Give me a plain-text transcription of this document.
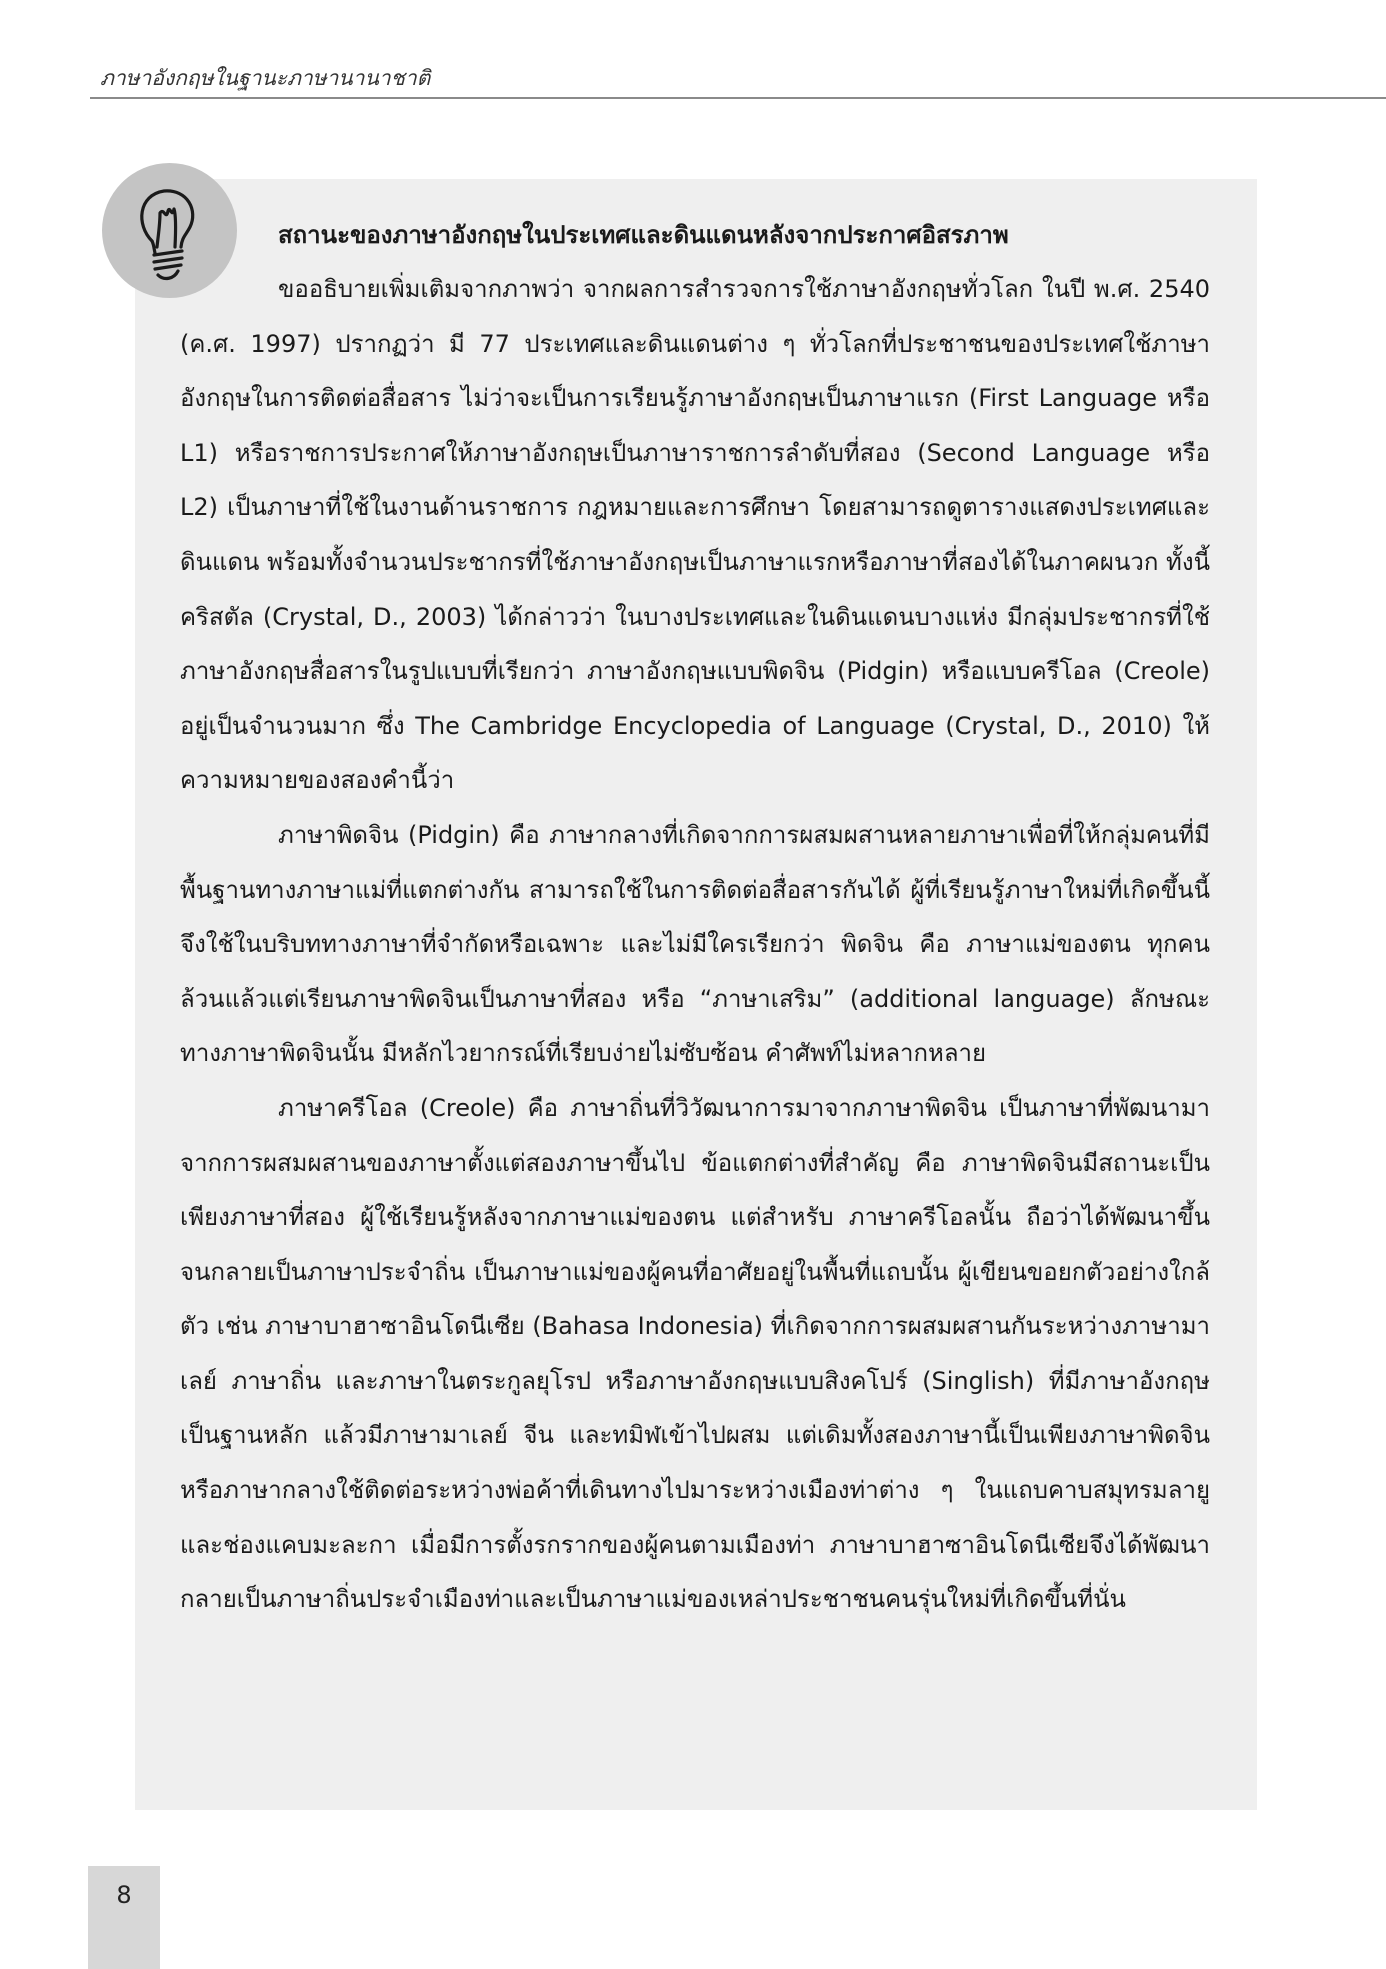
ภาษาอังกฤษในฐานะภาษานานาชาติ
สถานะของภาษาอังกฤษในประเทศและดินแดนหลังจากประกาศอิสรภาพ

ขออธิบายเพิ่มเติมจากภาพว่า จากผลการสำรวจการใช้ภาษาอังกฤษทั่วโลก ในปี พ.ศ. 2540 (ค.ศ. 1997) ปรากฏว่า มี 77 ประเทศและดินแดนต่าง ๆ ทั่วโลกที่ประชาชนของประเทศใช้ภาษาอังกฤษในการติดต่อสื่อสาร ไม่ว่าจะเป็นการเรียนรู้ภาษาอังกฤษเป็นภาษาแรก (First Language หรือ L1) หรือราชการประกาศให้ภาษาอังกฤษเป็นภาษาราชการลำดับที่สอง (Second Language หรือ L2) เป็นภาษาที่ใช้ในงานด้านราชการ กฎหมายและการศึกษา โดยสามารถดูตารางแสดงประเทศและดินแดน พร้อมทั้งจำนวนประชากรที่ใช้ภาษาอังกฤษเป็นภาษาแรกหรือภาษาที่สองได้ในภาคผนวก ทั้งนี้ คริสตัล (Crystal, D., 2003) ได้กล่าวว่า ในบางประเทศและในดินแดนบางแห่ง มีกลุ่มประชากรที่ใช้ภาษาอังกฤษสื่อสารในรูปแบบที่เรียกว่า ภาษาอังกฤษแบบพิดจิน (Pidgin) หรือแบบครีโอล (Creole) อยู่เป็นจำนวนมาก ซึ่ง The Cambridge Encyclopedia of Language (Crystal, D., 2010) ให้ความหมายของสองคำนี้ว่า

ภาษาพิดจิน (Pidgin) คือ ภาษากลางที่เกิดจากการผสมผสานหลายภาษาเพื่อที่ให้กลุ่มคนที่มีพื้นฐานทางภาษาแม่ที่แตกต่างกัน สามารถใช้ในการติดต่อสื่อสารกันได้ ผู้ที่เรียนรู้ภาษาใหม่ที่เกิดขึ้นนี้ จึงใช้ในบริบททางภาษาที่จำกัดหรือเฉพาะ และไม่มีใครเรียกว่า พิดจิน คือ ภาษาแม่ของตน ทุกคนล้วนแล้วแต่เรียนภาษาพิดจินเป็นภาษาที่สอง หรือ “ภาษาเสริม” (additional language) ลักษณะทางภาษาพิดจินนั้น มีหลักไวยากรณ์ที่เรียบง่ายไม่ซับซ้อน คำศัพท์ไม่หลากหลาย

ภาษาครีโอล (Creole) คือ ภาษาถิ่นที่วิวัฒนาการมาจากภาษาพิดจิน เป็นภาษาที่พัฒนามาจากการผสมผสานของภาษาตั้งแต่สองภาษาขึ้นไป ข้อแตกต่างที่สำคัญ คือ ภาษาพิดจินมีสถานะเป็นเพียงภาษาที่สอง ผู้ใช้เรียนรู้หลังจากภาษาแม่ของตน แต่สำหรับ ภาษาครีโอลนั้น ถือว่าได้พัฒนาขึ้นจนกลายเป็นภาษาประจำถิ่น เป็นภาษาแม่ของผู้คนที่อาศัยอยู่ในพื้นที่แถบนั้น ผู้เขียนขอยกตัวอย่างใกล้ตัว เช่น ภาษาบาฮาซาอินโดนีเซีย (Bahasa Indonesia) ที่เกิดจากการผสมผสานกันระหว่างภาษามาเลย์ ภาษาถิ่น และภาษาในตระกูลยุโรป หรือภาษาอังกฤษแบบสิงคโปร์ (Singlish) ที่มีภาษาอังกฤษเป็นฐานหลัก แล้วมีภาษามาเลย์ จีน และทมิฬเข้าไปผสม แต่เดิมทั้งสองภาษานี้เป็นเพียงภาษาพิดจิน หรือภาษากลางใช้ติดต่อระหว่างพ่อค้าที่เดินทางไปมาระหว่างเมืองท่าต่าง ๆ ในแถบคาบสมุทรมลายูและช่องแคบมะละกา เมื่อมีการตั้งรกรากของผู้คนตามเมืองท่า ภาษาบาฮาซาอินโดนีเซียจึงได้พัฒนา กลายเป็นภาษาถิ่นประจำเมืองท่าและเป็นภาษาแม่ของเหล่าประชาชนคนรุ่นใหม่ที่เกิดขึ้นที่นั่น

8
